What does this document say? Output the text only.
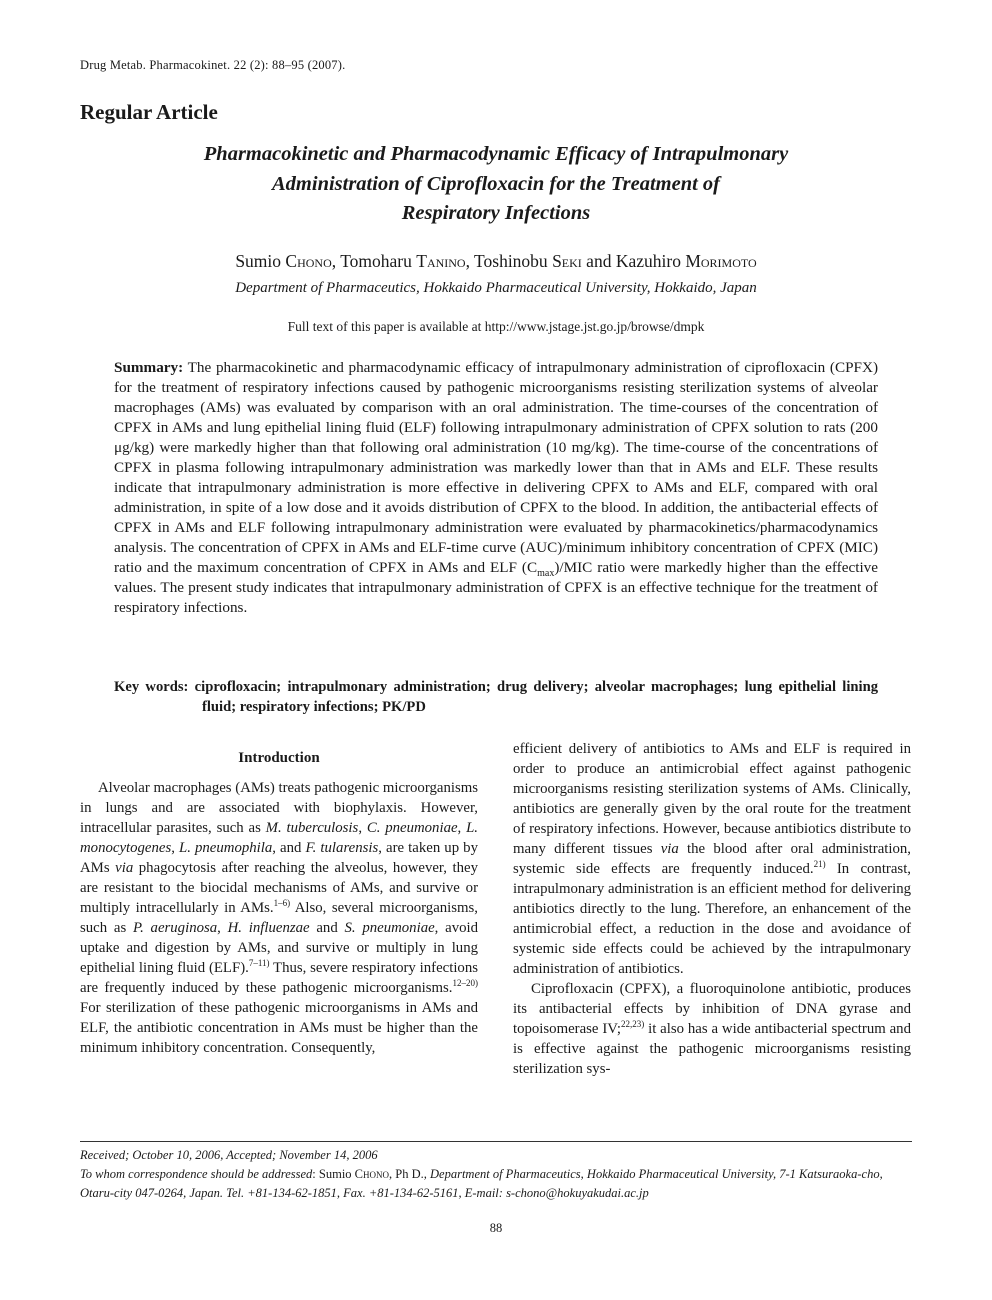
Drug Metab. Pharmacokinet. 22 (2): 88–95 (2007).
Regular Article
Pharmacokinetic and Pharmacodynamic Efficacy of Intrapulmonary
Administration of Ciprofloxacin for the Treatment of
Respiratory Infections
Sumio Chono, Tomoharu Tanino, Toshinobu Seki and Kazuhiro Morimoto
Department of Pharmaceutics, Hokkaido Pharmaceutical University, Hokkaido, Japan
Full text of this paper is available at http://www.jstage.jst.go.jp/browse/dmpk

Summary: The pharmacokinetic and pharmacodynamic efficacy of intrapulmonary administration of ciprofloxacin (CPFX) for the treatment of respiratory infections caused by pathogenic microorganisms resisting sterilization systems of alveolar macrophages (AMs) was evaluated by comparison with an oral administration. The time-courses of the concentration of CPFX in AMs and lung epithelial lining fluid (ELF) following intrapulmonary administration of CPFX solution to rats (200 μg/kg) were markedly higher than that following oral administration (10 mg/kg). The time-course of the concentrations of CPFX in plasma following intrapulmonary administration was markedly lower than that in AMs and ELF. These results indicate that intrapulmonary administration is more effective in delivering CPFX to AMs and ELF, compared with oral administration, in spite of a low dose and it avoids distribution of CPFX to the blood. In addition, the antibacterial effects of CPFX in AMs and ELF following intrapulmonary administration were evaluated by pharmacokinetics/pharmacodynamics analysis. The concentration of CPFX in AMs and ELF-time curve (AUC)/minimum inhibitory concentration of CPFX (MIC) ratio and the maximum concentration of CPFX in AMs and ELF $(C_{max})$/MIC ratio were markedly higher than the effective values. The present study indicates that intrapulmonary administration of CPFX is an effective technique for the treatment of respiratory infections.

Key words: ciprofloxacin; intrapulmonary administration; drug delivery; alveolar macrophages; lung epithelial lining fluid; respiratory infections; PK/PD
Introduction

Alveolar macrophages (AMs) treats pathogenic microorganisms in lungs and are associated with biophylaxis. However, intracellular parasites, such as M. tuberculosis, C. pneumoniae, L. monocytogenes, L. pneumophila, and F. tularensis, are taken up by AMs via phagocytosis after reaching the alveolus, however, they are resistant to the biocidal mechanisms of AMs, and survive or multiply intracellularly in AMs.$^{1-6)}$ Also, several microorganisms, such as P. aeruginosa, H. influenzae and S. pneumoniae, avoid uptake and digestion by AMs, and survive or multiply in lung epithelial lining fluid (ELF).$^{7-11)}$ Thus, severe respiratory infections are frequently induced by these pathogenic microorganisms.$^{12-20)}$ For sterilization of these pathogenic microorganisms in AMs and ELF, the antibiotic concentration in AMs must be higher than the minimum inhibitory concentration. Consequently,

efficient delivery of antibiotics to AMs and ELF is required in order to produce an antimicrobial effect against pathogenic microorganisms resisting sterilization systems of AMs. Clinically, antibiotics are generally given by the oral route for the treatment of respiratory infections. However, because antibiotics distribute to many different tissues via the blood after oral administration, systemic side effects are frequently induced.$^{21)}$ In contrast, intrapulmonary administration is an efficient method for delivering antibiotics directly to the lung. Therefore, an enhancement of the antimicrobial effect, a reduction in the dose and avoidance of systemic side effects could be achieved by the intrapulmonary administration of antibiotics.

Ciprofloxacin (CPFX), a fluoroquinolone antibiotic, produces its antibacterial effects by inhibition of DNA gyrase and topoisomerase IV;$^{22,23)}$ it also has a wide antibacterial spectrum and is effective against the pathogenic microorganisms resisting sterilization sys-

Received; October 10, 2006, Accepted; November 14, 2006

To whom correspondence should be addressed: Sumio Chono, Ph D., Department of Pharmaceutics, Hokkaido Pharmaceutical University, 7-1 Katsuraoka-cho, Otaru-city 047-0264, Japan. Tel. +81-134-62-1851, Fax. +81-134-62-5161, E-mail: s-chono@hokuyakudai.ac.jp

88
